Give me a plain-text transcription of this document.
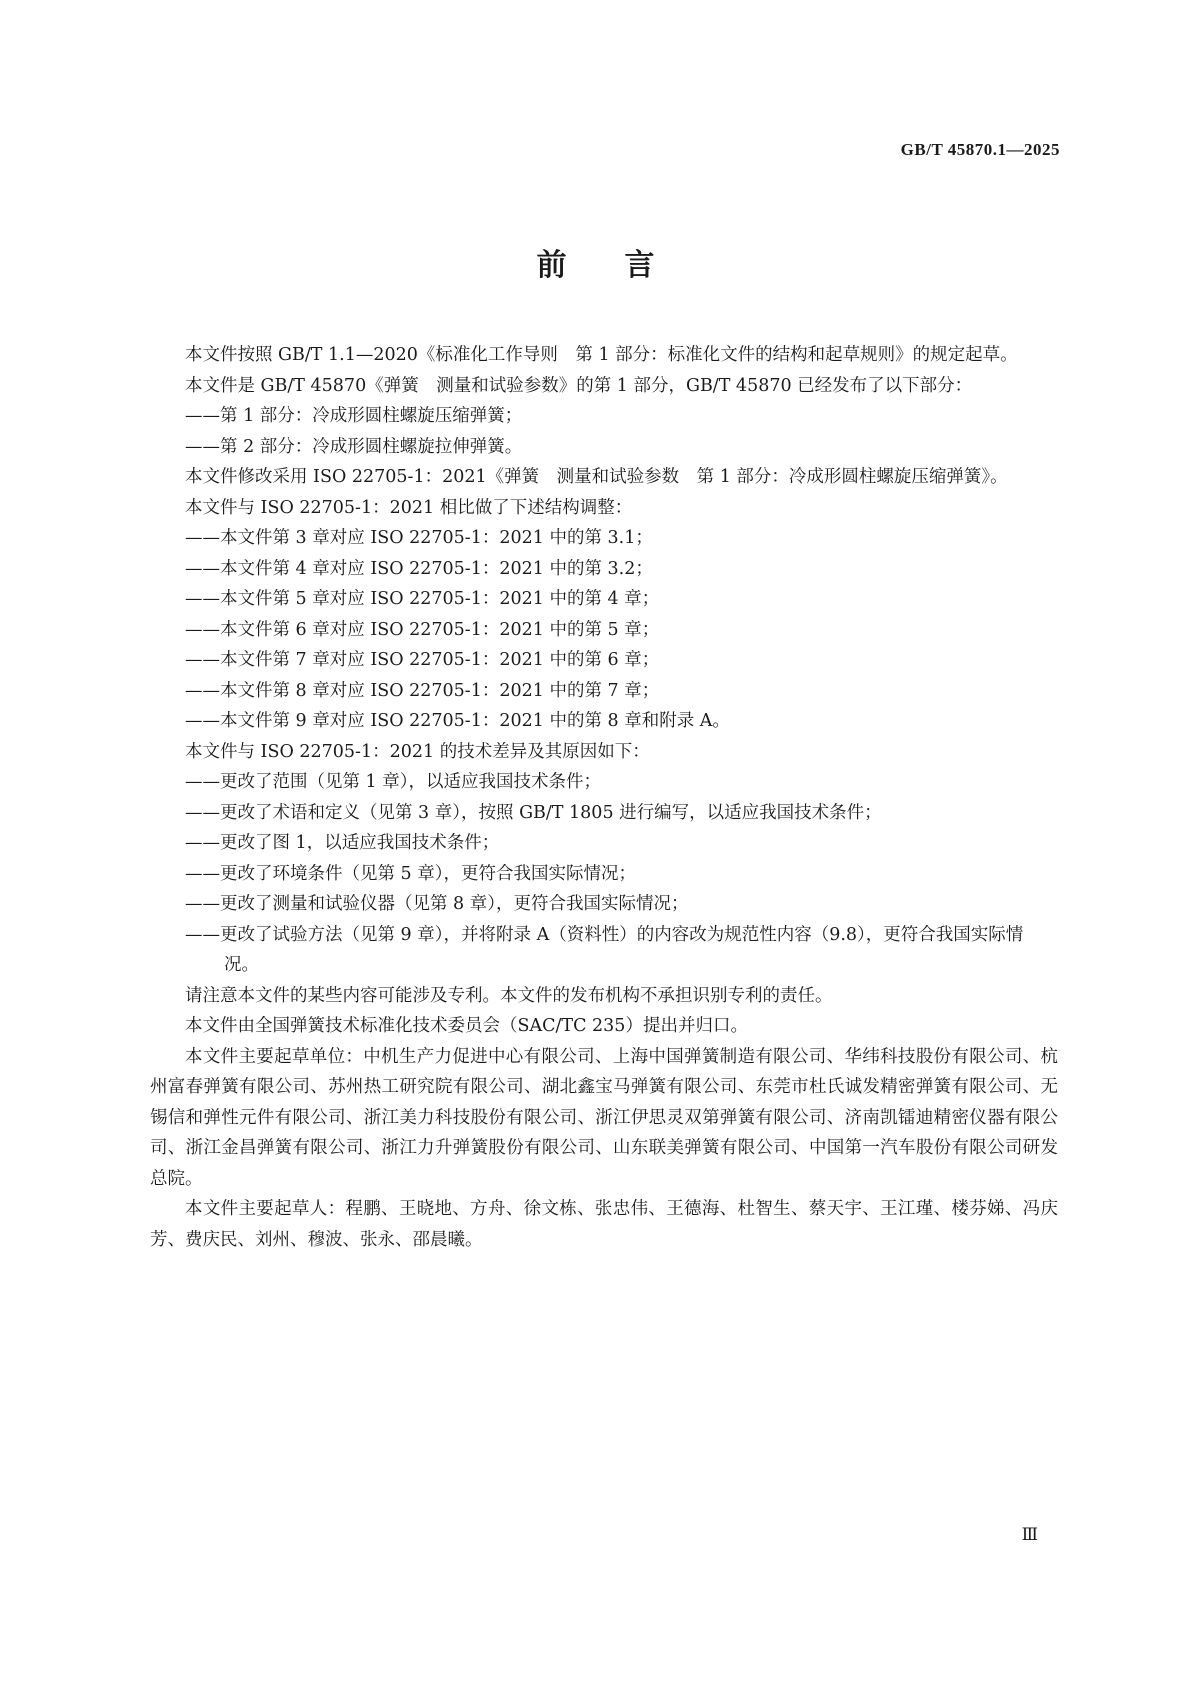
GB/T 45870.1—2025
前言

本文件按照 GB/T 1.1—2020《标准化工作导则　第 1 部分：标准化文件的结构和起草规则》的规定起草。

本文件是 GB/T 45870《弹簧　测量和试验参数》的第 1 部分，GB/T 45870 已经发布了以下部分：

——第 1 部分：冷成形圆柱螺旋压缩弹簧；

——第 2 部分：冷成形圆柱螺旋拉伸弹簧。

本文件修改采用 ISO 22705-1：2021《弹簧　测量和试验参数　第 1 部分：冷成形圆柱螺旋压缩弹簧》。

本文件与 ISO 22705-1：2021 相比做了下述结构调整：

——本文件第 3 章对应 ISO 22705-1：2021 中的第 3.1；

——本文件第 4 章对应 ISO 22705-1：2021 中的第 3.2；

——本文件第 5 章对应 ISO 22705-1：2021 中的第 4 章；

——本文件第 6 章对应 ISO 22705-1：2021 中的第 5 章；

——本文件第 7 章对应 ISO 22705-1：2021 中的第 6 章；

——本文件第 8 章对应 ISO 22705-1：2021 中的第 7 章；

——本文件第 9 章对应 ISO 22705-1：2021 中的第 8 章和附录 A。

本文件与 ISO 22705-1：2021 的技术差异及其原因如下：

——更改了范围（见第 1 章），以适应我国技术条件；

——更改了术语和定义（见第 3 章），按照 GB/T 1805 进行编写，以适应我国技术条件；

——更改了图 1，以适应我国技术条件；

——更改了环境条件（见第 5 章），更符合我国实际情况；

——更改了测量和试验仪器（见第 8 章），更符合我国实际情况；

——更改了试验方法（见第 9 章），并将附录 A（资料性）的内容改为规范性内容（9.8），更符合我国实际情况。

请注意本文件的某些内容可能涉及专利。本文件的发布机构不承担识别专利的责任。

本文件由全国弹簧技术标准化技术委员会（SAC/TC 235）提出并归口。

本文件主要起草单位：中机生产力促进中心有限公司、上海中国弹簧制造有限公司、华纬科技股份有限公司、杭州富春弹簧有限公司、苏州热工研究院有限公司、湖北鑫宝马弹簧有限公司、东莞市杜氏诚发精密弹簧有限公司、无锡信和弹性元件有限公司、浙江美力科技股份有限公司、浙江伊思灵双第弹簧有限公司、济南凯镭迪精密仪器有限公司、浙江金昌弹簧有限公司、浙江力升弹簧股份有限公司、山东联美弹簧有限公司、中国第一汽车股份有限公司研发总院。

本文件主要起草人：程鹏、王晓地、方舟、徐文栋、张忠伟、王德海、杜智生、蔡天宇、王江瑾、楼芬娣、冯庆芳、费庆民、刘州、穆波、张永、邵晨曦。

Ⅲ
